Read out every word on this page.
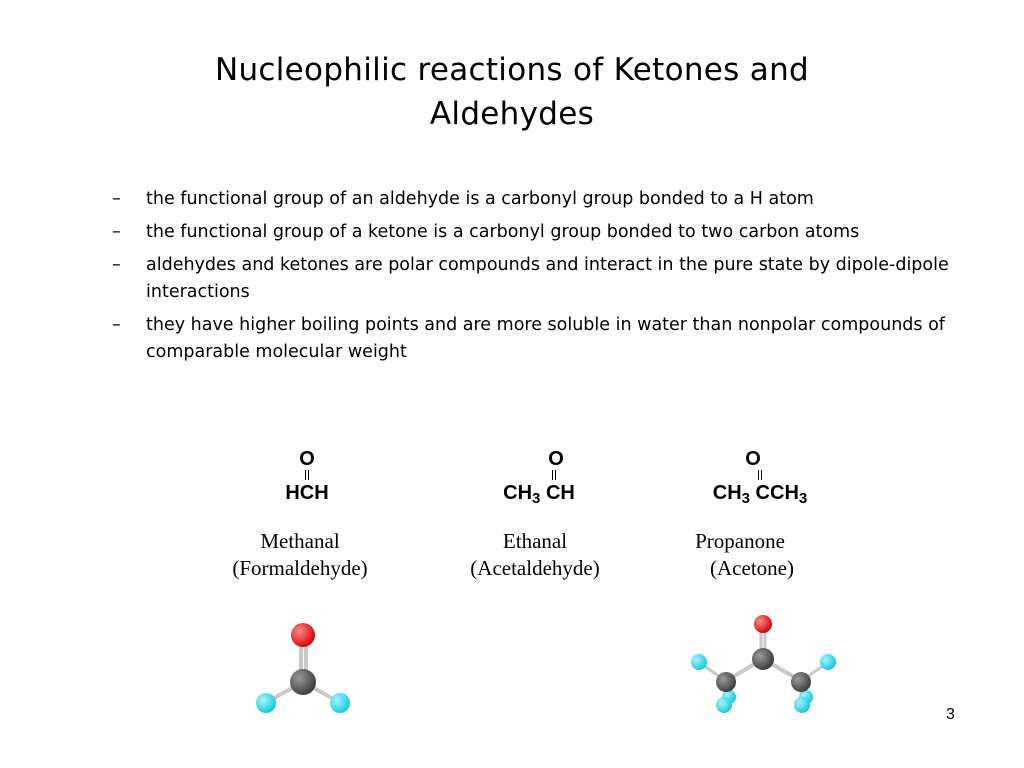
Nucleophilic reactions of Ketones and
Aldehydes
– the functional group of an aldehyde is a carbonyl group bonded to a H atom
– the functional group of a ketone is a carbonyl group bonded to two carbon atoms
– aldehydes and ketones are polar compounds and interact in the pure state by dipole-dipole interactions
– they have higher boiling points and are more soluble in water than nonpolar compounds of comparable molecular weight
O
HCH
O
$CH_3$ CH
O
$CH_3$ $CCH_3$
Methanal
(Formaldehyde)
Ethanal
(Acetaldehyde)
Propanone
(Acetone)
3
